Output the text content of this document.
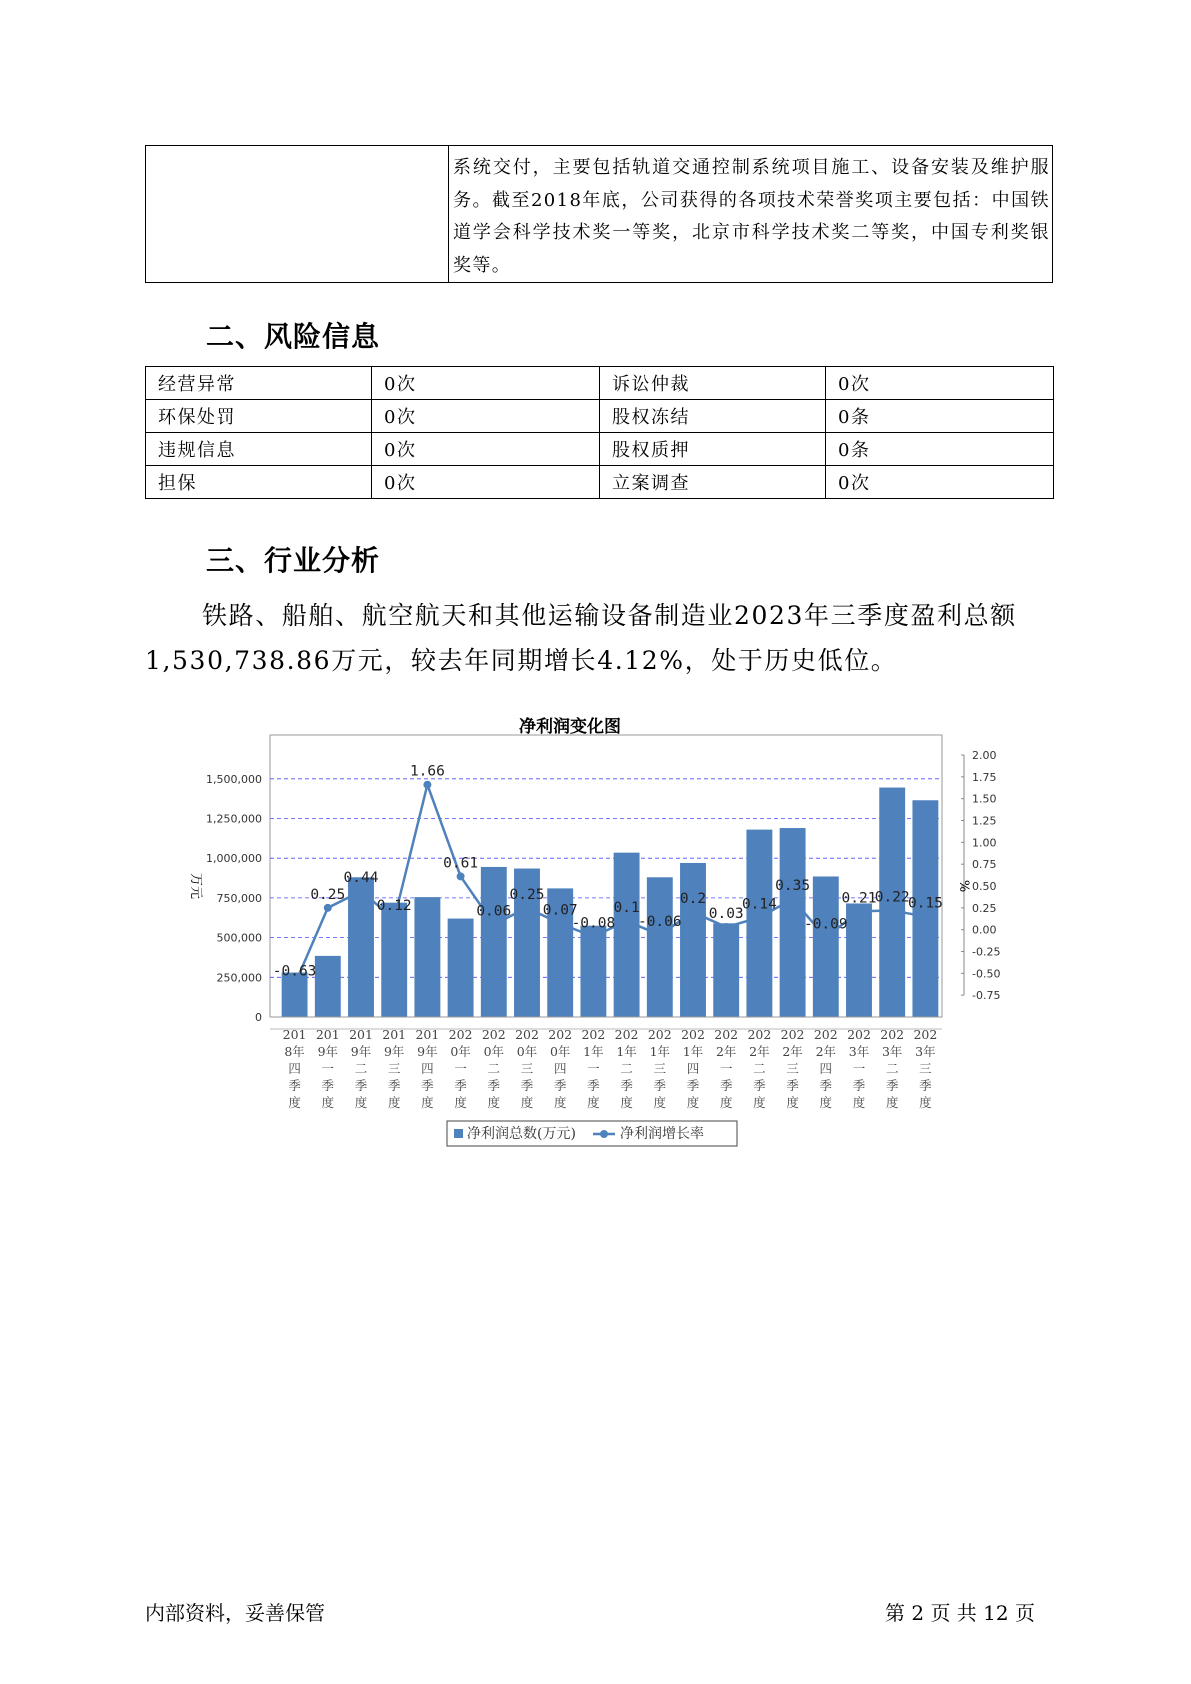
	系统交付，主要包括轨道交通控制系统项目施工、设备安装及维护服务。截至2018年底，公司获得的各项技术荣誉奖项主要包括：中国铁道学会科学技术奖一等奖，北京市科学技术奖二等奖，中国专利奖银奖等。
二、风险信息
经营异常	0次	诉讼仲裁	0次
环保处罚	0次	股权冻结	0条
违规信息	0次	股权质押	0条
担保	0次	立案调查	0次
三、行业分析
铁路、船舶、航空航天和其他运输设备制造业2023年三季度盈利总额1,530,738.86万元，较去年同期增长4.12%，处于历史低位。
净利润变化图
0
250,000
500,000
750,000
1,000,000
1,250,000
1,500,000
-0.75
-0.50
-0.25
0.00
0.25
0.50
0.75
1.00
1.25
1.50
1.75
2.00
万元	%
201 8年四季度
201 9年一季度
201 9年二季度
201 9年三季度
201 9年四季度
202 0年一季度
202 0年二季度
202 0年三季度
202 0年四季度
202 1年一季度
202 1年二季度
202 1年三季度
202 1年四季度
202 2年一季度
202 2年二季度
202 2年三季度
202 2年四季度
202 3年一季度
202 3年二季度
202 3年三季度
-0.63
0.25
0.44
0.12
1.66
0.61
0.06
0.25
0.07
-0.08
0.1
-0.06
0.2
0.03
0.14
0.35
-0.09
0.21
0.22
0.15
净利润总数(万元)	净利润增长率
内部资料，妥善保管	第 2 页 共 12 页
